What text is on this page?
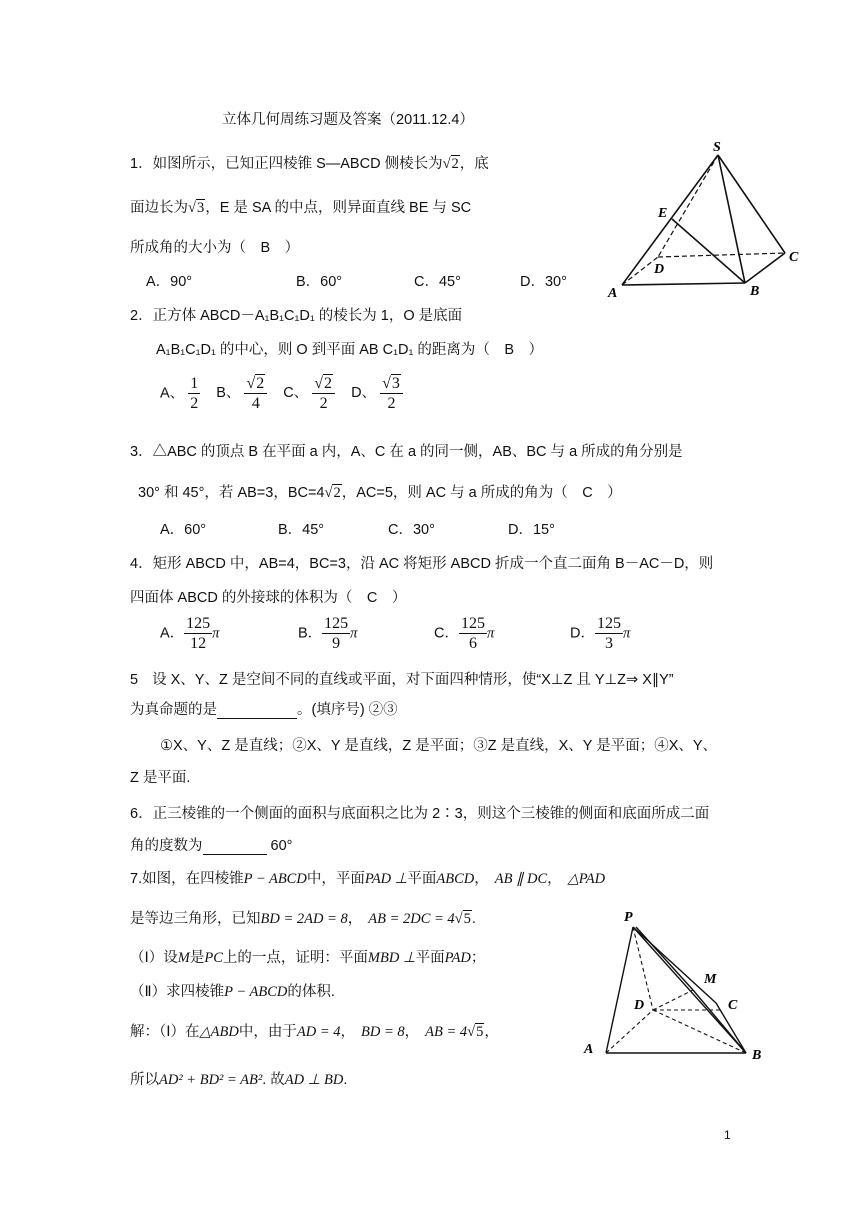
立体几何周练习题及答案（2011.12.4）
1．如图所示，已知正四棱锥 S—ABCD 侧棱长为√2，底
面边长为√3，E 是 SA 的中点，则异面直线 BE 与 SC
所成角的大小为（　B　）
A．90°	B．60°	C．45°	D．30°
S
E
D
C
A	B
2．正方体 ABCD－A₁B₁C₁D₁ 的棱长为 1，O 是底面
A₁B₁C₁D₁ 的中心，则 O 到平面 AB C₁D₁ 的距离为（　B　）
A、 $\frac{1}{2}$ B、 $\frac{√2}{4}$ C、 $\frac{√2}{2}$ D、 $\frac{√3}{2}$
3．△ABC 的顶点 B 在平面 a 内，A、C 在 a 的同一侧，AB、BC 与 a 所成的角分别是
30° 和 45°，若 AB=3，BC=4√2，AC=5，则 AC 与 a 所成的角为（　C　）
A．60°	B．45°	C．30°	D．15°
4．矩形 ABCD 中，AB=4，BC=3，沿 AC 将矩形 ABCD 折成一个直二面角 B－AC－D，则
四面体 ABCD 的外接球的体积为（　C　）
A． $\frac{125}{12}$ π	B． $\frac{125}{9}$ π	C． $\frac{125}{6}$ π	D． $\frac{125}{3}$ π
5 设 X、Y、Z 是空间不同的直线或平面，对下面四种情形，使“X⊥Z 且 Y⊥Z⇒ X∥Y”
为真命题的是	。(填序号) ②③
①X、Y、Z 是直线；②X、Y 是直线，Z 是平面；③Z 是直线，X、Y 是平面；④X、Y、
Z 是平面.
6．正三棱锥的一个侧面的面积与底面积之比为 2∶3，则这个三棱锥的侧面和底面所成二面
角的度数为	60°
7.如图，在四棱锥P − ABCD中，平面PAD ⊥平面ABCD， AB ∥ DC， △PAD
是等边三角形，已知BD = 2AD = 8， AB = 2DC = 4√5.
（Ⅰ）设M是PC上的一点，证明：平面MBD ⊥平面PAD；
（Ⅱ）求四棱锥P − ABCD的体积.
解：（Ⅰ）在△ABD中，由于AD = 4， BD = 8， AB = 4√5，
所以AD² + BD² = AB². 故AD ⊥ BD.
P
M
D	C
A	B
1
